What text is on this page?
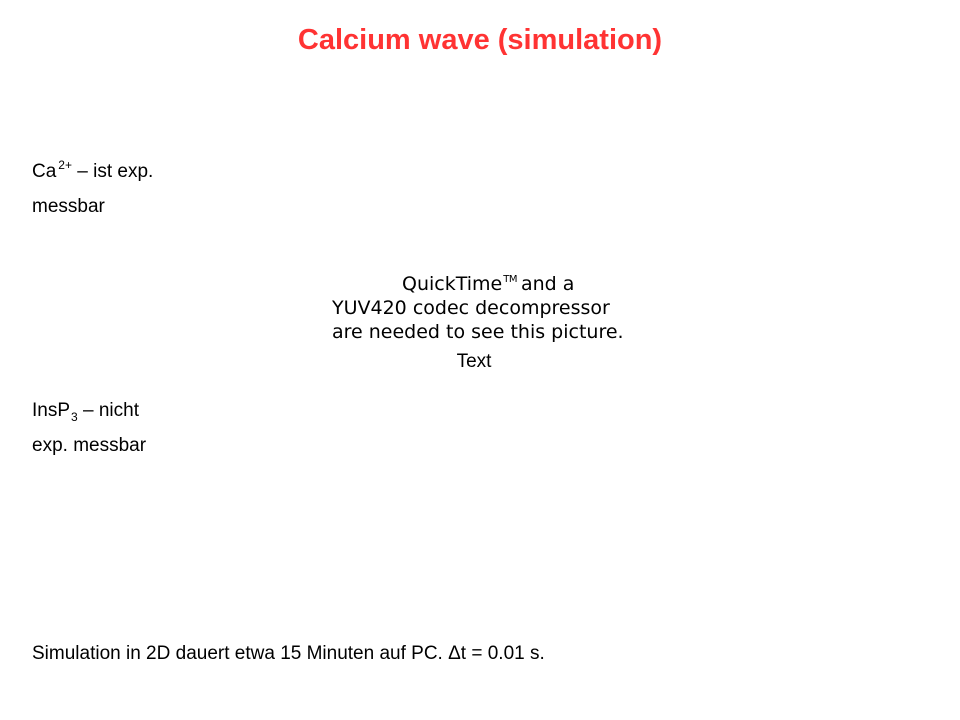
Calcium wave (simulation)
Ca $^{2+}$ – ist exp.
messbar
QuickTime™ and a
YUV420 codec decompressor
are needed to see this picture.
Text
InsP$_3$ – nicht
exp. messbar
Simulation in 2D dauert etwa 15 Minuten auf PC. Δt = 0.01 s.
